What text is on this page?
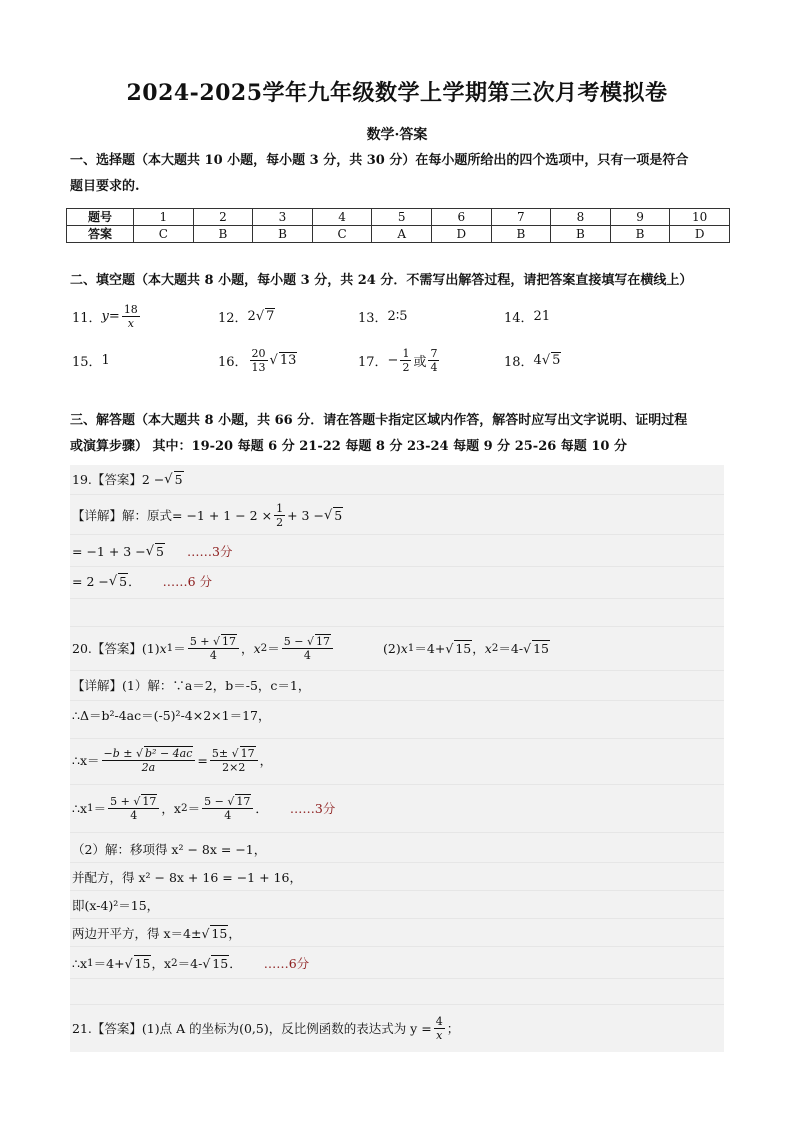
2024-2025学年九年级数学上学期第三次月考模拟卷
数学·答案
一、选择题（本大题共 10 小题，每小题 3 分，共 30 分）在每小题所给出的四个选项中，只有一项是符合
题目要求的.
题号	1	2	3	4	5	6	7	8	9	10
答案	C	B	B	C	A	D	B	B	B	D
二、填空题（本大题共 8 小题，每小题 3 分，共 24 分．不需写出解答过程，请把答案直接填写在横线上）
11． $y = \frac{18}{x}$	12． 2 √ 7	13． 2∶5	14． 21
15． 1	16． $\frac{20}{13}$ √ 13	17． − $\frac{1}{2}$ 或 $\frac{7}{4}$	18． 4 √ 5
三、解答题（本大题共 8 小题，共 66 分．请在答题卡指定区域内作答，解答时应写出文字说明、证明过程
或演算步骤） 其中：19-20 每题 6 分 21-22 每题 8 分 23-24 每题 9 分 25-26 每题 10 分
19.【答案】 2 − √ 5
【详解】解：原式 = $-1 + 1 - 2 \times \frac{1}{2} + 3$ − √ 5
= −1 + 3 − √ 5 ……3分
= 2 − √ 5 ． ……6 分
20.【答案】 (1) x $1 = \frac{5 + √ 17}{4}$ ， x $2 = \frac{5 - √ 17}{4}$	(2) x 1 ＝4+ √ 15 ， x 2 ＝4- √ 15
【详解】(1）解：∵a＝2，b＝-5，c＝1，
∴Δ＝b²-4ac＝(-5)²-4×2×1＝17，
∴x＝ $\frac{\text{−b ± √ b² − 4ac}}{2a} = \frac{5\pm √ 17}{2\times 2}$ ，
∴x $1 = \frac{5 + √ 17}{4}$ ，x $2 = \frac{5 - √ 17}{4}$ ． ……3分
（2）解：移项得 x² − 8x = −1，
并配方，得 x² − 8x + 16 = −1 + 16，
即(x-4)²＝15，
两边开平方，得 x＝4± √ 15 ，
∴x 1 ＝4+ √ 15 ，x 2 ＝4- √ 15 ． ……6分
21.【答案】 (1)点 A 的坐标为(0,5)，反比例函数的表达式为 $y = \frac{4}{x}$ ；
